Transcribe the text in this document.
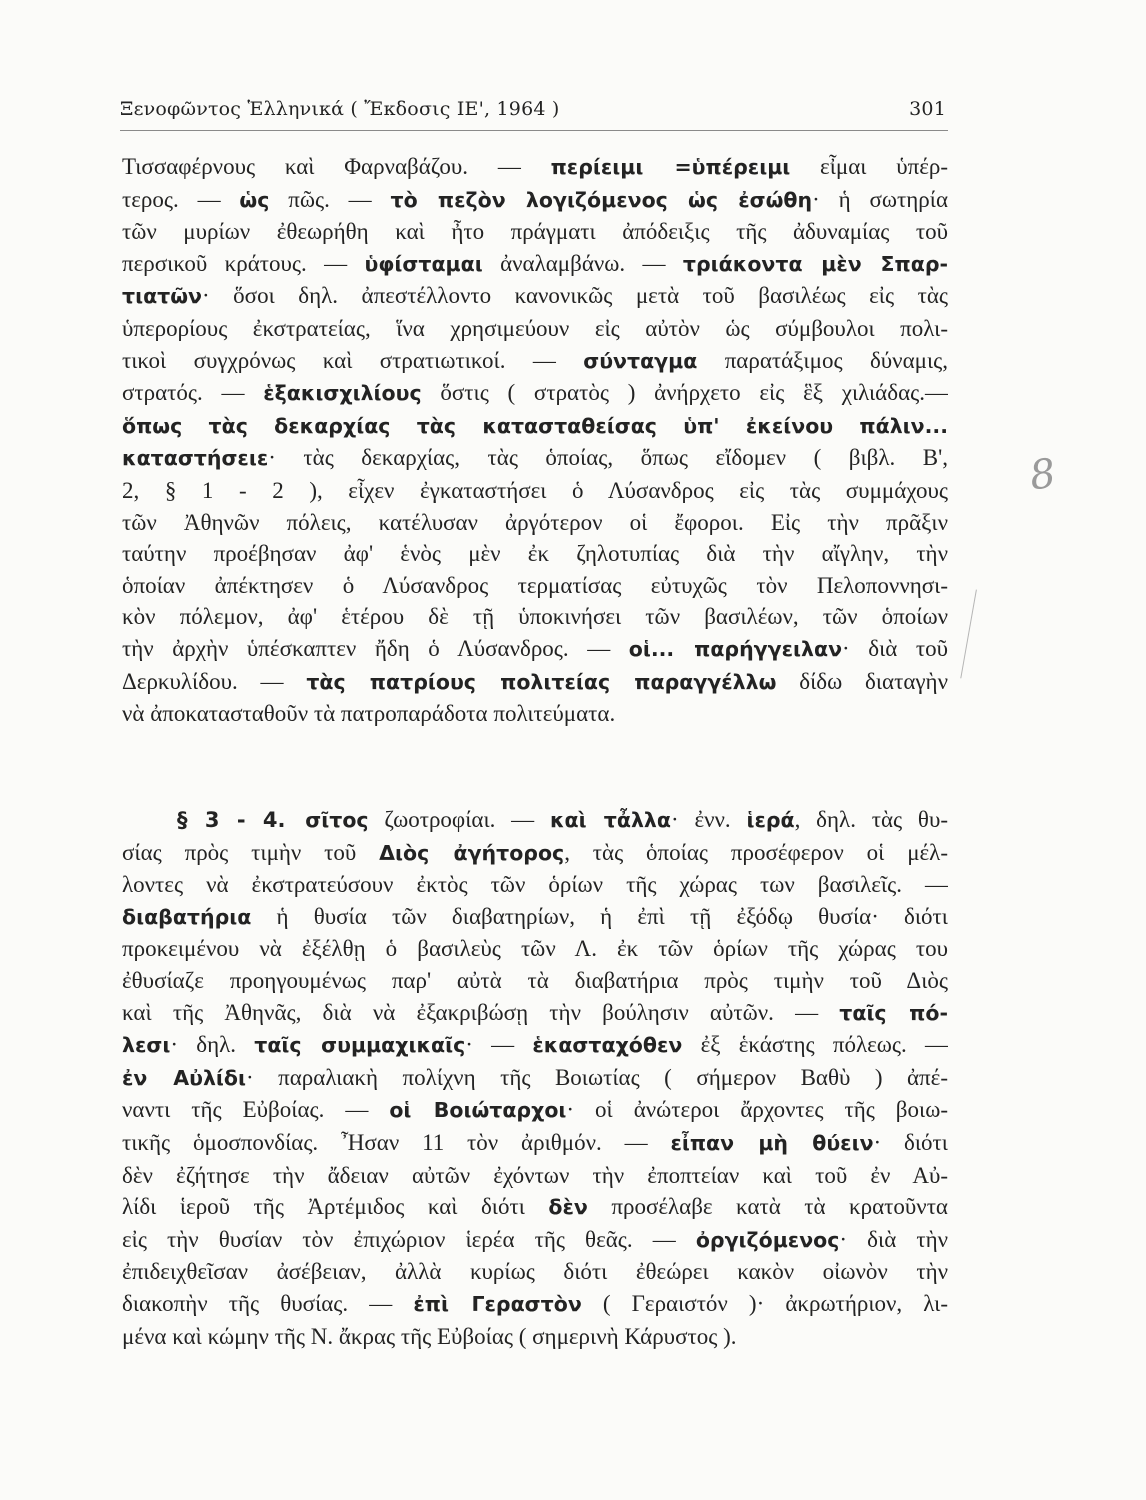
Ξενοφῶντος Ἑλληνικά ( Ἔκδοσις ΙΕ', 1964 )	301
Τισσαφέρνους καὶ Φαρναβάζου. — περίειμι =ὑπέρειμι εἶμαι ὑπέρ-
τερος. — ὡς πῶς. — τὸ πεζὸν λογιζόμενος ὡς ἐσώθη· ἡ σωτηρία
τῶν μυρίων ἐθεωρήθη καὶ ἦτο πράγματι ἀπόδειξις τῆς ἀδυναμίας τοῦ
περσικοῦ κράτους. — ὑφίσταμαι ἀναλαμβάνω. — τριάκοντα μὲν Σπαρ-
τιατῶν· ὅσοι δηλ. ἀπεστέλλοντο κανονικῶς μετὰ τοῦ βασιλέως εἰς τὰς
ὑπερορίους ἐκστρατείας, ἵνα χρησιμεύουν εἰς αὐτὸν ὡς σύμβουλοι πολι-
τικοὶ συγχρόνως καὶ στρατιωτικοί. — σύνταγμα παρατάξιμος δύναμις,
στρατός. — ἑξακισχιλίους ὅστις ( στρατὸς ) ἀνήρχετο εἰς ἓξ χιλιάδας.—
ὅπως τὰς δεκαρχίας τὰς κατασταθείσας ὑπ' ἐκείνου πάλιν...
καταστήσειε· τὰς δεκαρχίας, τὰς ὁποίας, ὅπως εἴδομεν ( βιβλ. Β',
2, § 1 - 2 ), εἶχεν ἐγκαταστήσει ὁ Λύσανδρος εἰς τὰς συμμάχους
τῶν Ἀθηνῶν πόλεις, κατέλυσαν ἀργότερον οἱ ἔφοροι. Εἰς τὴν πρᾶξιν
ταύτην προέβησαν ἀφ' ἑνὸς μὲν ἐκ ζηλοτυπίας διὰ τὴν αἴγλην, τὴν
ὁποίαν ἀπέκτησεν ὁ Λύσανδρος τερματίσας εὐτυχῶς τὸν Πελοποννησι-
κὸν πόλεμον, ἀφ' ἑτέρου δὲ τῇ ὑποκινήσει τῶν βασιλέων, τῶν ὁποίων
τὴν ἀρχὴν ὑπέσκαπτεν ἤδη ὁ Λύσανδρος. — οἱ... παρήγγειλαν· διὰ τοῦ
Δερκυλίδου. — τὰς πατρίους πολιτείας παραγγέλλω δίδω διαταγὴν
νὰ ἀποκατασταθοῦν τὰ πατροπαράδοτα πολιτεύματα.
§ 3 - 4. σῖτος ζωοτροφίαι. — καὶ τἆλλα· ἐνν. ἱερά, δηλ. τὰς θυ-
σίας πρὸς τιμὴν τοῦ Διὸς ἀγήτορος, τὰς ὁποίας προσέφερον οἱ μέλ-
λοντες νὰ ἐκστρατεύσουν ἐκτὸς τῶν ὁρίων τῆς χώρας των βασιλεῖς. —
διαβατήρια ἡ θυσία τῶν διαβατηρίων, ἡ ἐπὶ τῇ ἐξόδῳ θυσία· διότι
προκειμένου νὰ ἐξέλθῃ ὁ βασιλεὺς τῶν Λ. ἐκ τῶν ὁρίων τῆς χώρας του
ἐθυσίαζε προηγουμένως παρ' αὐτὰ τὰ διαβατήρια πρὸς τιμὴν τοῦ Διὸς
καὶ τῆς Ἀθηνᾶς, διὰ νὰ ἐξακριβώσῃ τὴν βούλησιν αὐτῶν. — ταῖς πό-
λεσι· δηλ. ταῖς συμμαχικαῖς· — ἑκασταχόθεν ἐξ ἑκάστης πόλεως. —
ἐν Αὐλίδι· παραλιακὴ πολίχνη τῆς Βοιωτίας ( σήμερον Βαθὺ ) ἀπέ-
ναντι τῆς Εὐβοίας. — οἱ Βοιώταρχοι· οἱ ἀνώτεροι ἄρχοντες τῆς βοιω-
τικῆς ὁμοσπονδίας. Ἦσαν 11 τὸν ἀριθμόν. — εἶπαν μὴ θύειν· διότι
δὲν ἐζήτησε τὴν ἄδειαν αὐτῶν ἐχόντων τὴν ἐποπτείαν καὶ τοῦ ἐν Αὐ-
λίδι ἱεροῦ τῆς Ἀρτέμιδος καὶ διότι δὲν προσέλαβε κατὰ τὰ κρατοῦντα
εἰς τὴν θυσίαν τὸν ἐπιχώριον ἱερέα τῆς θεᾶς. — ὀργιζόμενος· διὰ τὴν
ἐπιδειχθεῖσαν ἀσέβειαν, ἀλλὰ κυρίως διότι ἐθεώρει κακὸν οἰωνὸν τὴν
διακοπὴν τῆς θυσίας. — ἐπὶ Γεραστὸν ( Γεραιστόν )· ἀκρωτήριον, λι-
μένα καὶ κώμην τῆς Ν. ἄκρας τῆς Εὐβοίας ( σημερινὴ Κάρυστος ).
8
